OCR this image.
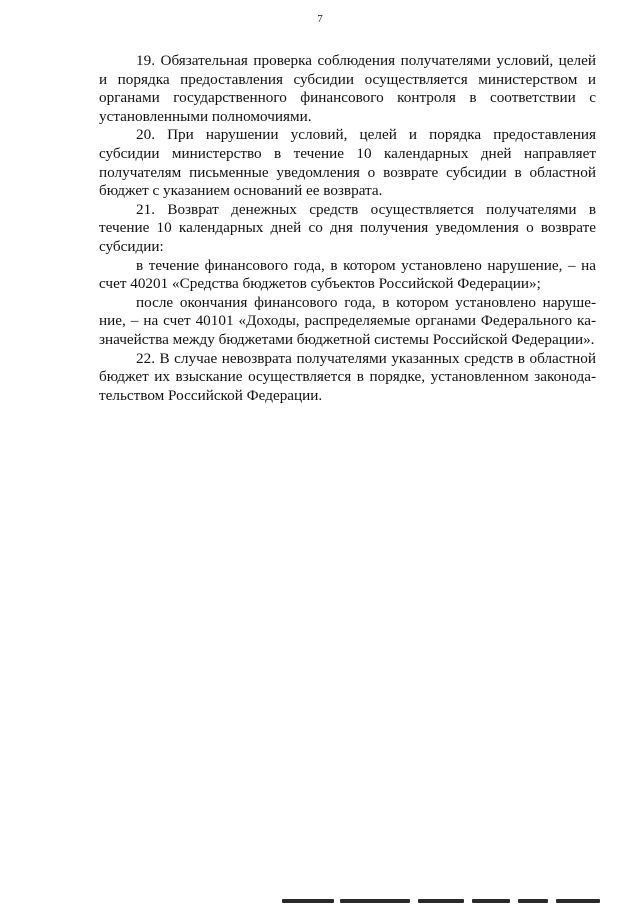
7

19. Обязательная проверка соблюдения получателями условий, целей и порядка предоставления субсидии осуществляется министерством и органами государственного финансового контроля в соответствии с установленными полномочиями.

20. При нарушении условий, целей и порядка предоставления субсидии министерство в течение 10 календарных дней направляет получателям письменные уведомления о возврате субсидии в областной бюджет с указанием оснований ее возврата.

21. Возврат денежных средств осуществляется получателями в течение 10 календарных дней со дня получения уведомления о возврате субсидии:

в течение финансового года, в котором установлено нарушение, – на счет 40201 «Средства бюджетов субъектов Российской Федерации»;

после окончания финансового года, в котором установлено нарушение, – на счет 40101 «Доходы, распределяемые органами Федерального казначейства между бюджетами бюджетной системы Российской Федерации».

22. В случае невозврата получателями указанных средств в областной бюджет их взыскание осуществляется в порядке, установленном законодательством Российской Федерации.
